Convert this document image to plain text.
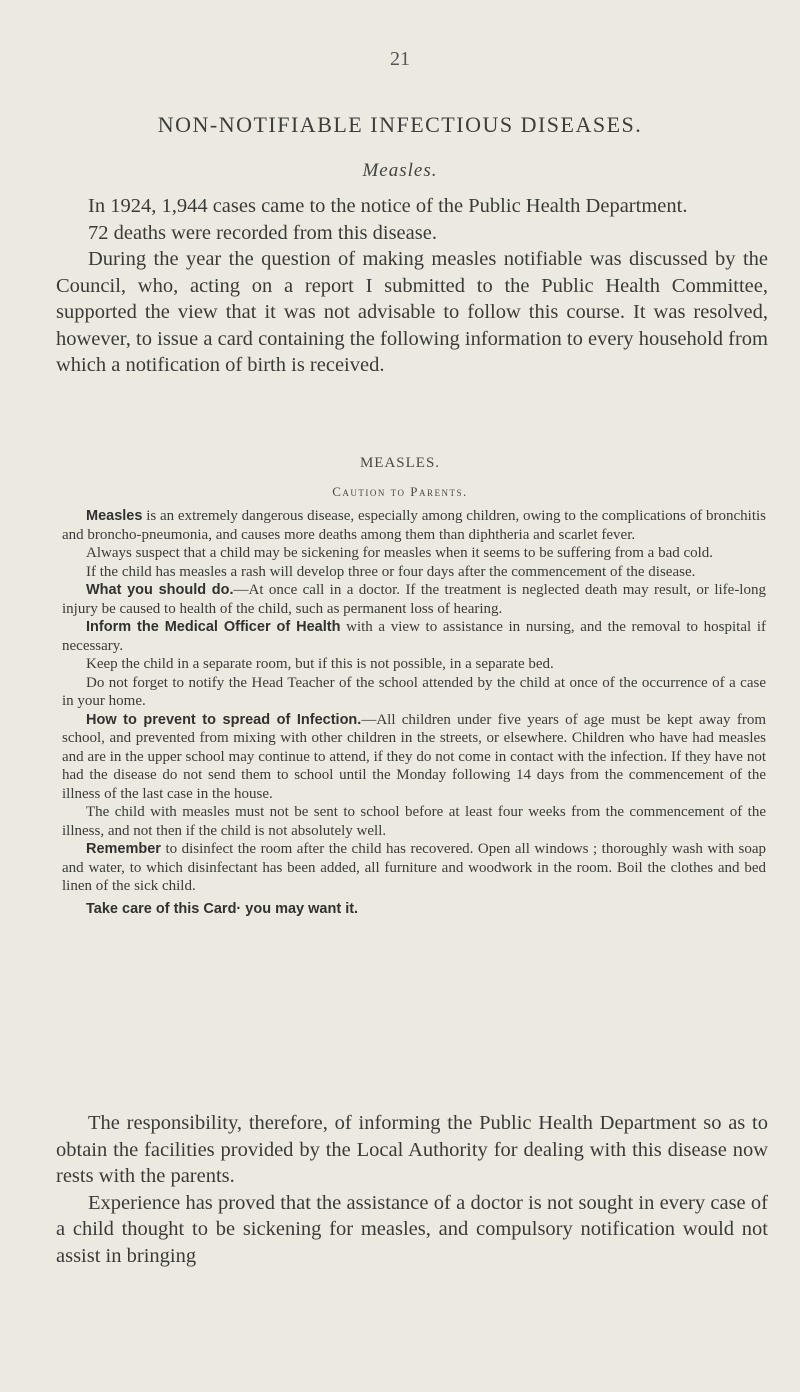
21
NON-NOTIFIABLE INFECTIOUS DISEASES.
Measles.

In 1924, 1,944 cases came to the notice of the Public Health Department.

72 deaths were recorded from this disease.

During the year the question of making measles notifiable was discussed by the Council, who, acting on a report I submitted to the Public Health Committee, supported the view that it was not advisable to follow this course. It was resolved, however, to issue a card containing the following information to every household from which a notification of birth is received.

MEASLES.
Caution to Parents.

Measles is an extremely dangerous disease, especially among children, owing to the complications of bronchitis and broncho-pneumonia, and causes more deaths among them than diphtheria and scarlet fever.

Always suspect that a child may be sickening for measles when it seems to be suffering from a bad cold.

If the child has measles a rash will develop three or four days after the commencement of the disease.

What you should do.—At once call in a doctor. If the treatment is neglected death may result, or life-long injury be caused to health of the child, such as permanent loss of hearing.

Inform the Medical Officer of Health with a view to assistance in nursing, and the removal to hospital if necessary.

Keep the child in a separate room, but if this is not possible, in a separate bed.

Do not forget to notify the Head Teacher of the school attended by the child at once of the occurrence of a case in your home.

How to prevent to spread of Infection.—All children under five years of age must be kept away from school, and prevented from mixing with other children in the streets, or elsewhere. Children who have had measles and are in the upper school may continue to attend, if they do not come in contact with the infection. If they have not had the disease do not send them to school until the Monday following 14 days from the commencement of the illness of the last case in the house.

The child with measles must not be sent to school before at least four weeks from the commencement of the illness, and not then if the child is not absolutely well.

Remember to disinfect the room after the child has recovered. Open all windows ; thoroughly wash with soap and water, to which disinfectant has been added, all furniture and woodwork in the room. Boil the clothes and bed linen of the sick child.

Take care of this Card· you may want it.

The responsibility, therefore, of informing the Public Health Department so as to obtain the facilities provided by the Local Authority for dealing with this disease now rests with the parents.

Experience has proved that the assistance of a doctor is not sought in every case of a child thought to be sickening for measles, and compulsory notification would not assist in bringing
